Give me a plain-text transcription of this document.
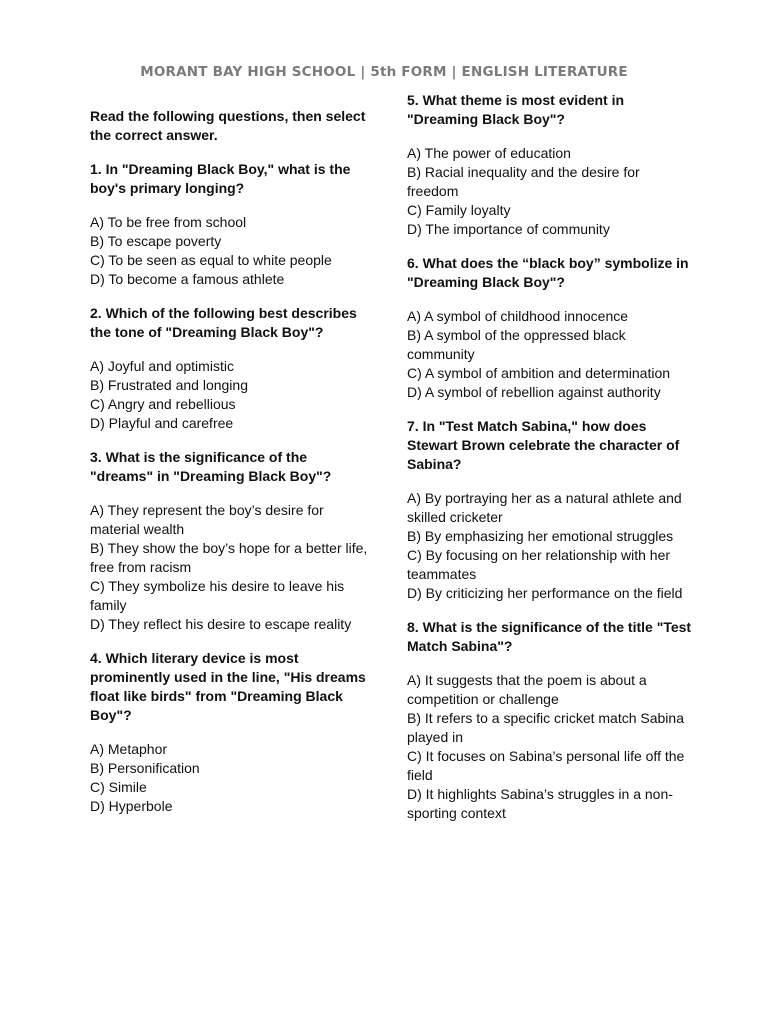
MORANT BAY HIGH SCHOOL | 5th FORM | ENGLISH LITERATURE

Read the following questions, then select the correct answer.

1. In "Dreaming Black Boy," what is the boy's primary longing?

A) To be free from school
B) To escape poverty
C) To be seen as equal to white people
D) To become a famous athlete

2. Which of the following best describes the tone of "Dreaming Black Boy"?

A) Joyful and optimistic
B) Frustrated and longing
C) Angry and rebellious
D) Playful and carefree

3. What is the significance of the "dreams" in "Dreaming Black Boy"?

A) They represent the boy’s desire for material wealth
B) They show the boy’s hope for a better life, free from racism
C) They symbolize his desire to leave his family
D) They reflect his desire to escape reality

4. Which literary device is most prominently used in the line, "His dreams float like birds" from "Dreaming Black Boy"?

A) Metaphor
B) Personification
C) Simile
D) Hyperbole

5. What theme is most evident in "Dreaming Black Boy"?

A) The power of education
B) Racial inequality and the desire for freedom
C) Family loyalty
D) The importance of community

6. What does the “black boy” symbolize in "Dreaming Black Boy"?

A) A symbol of childhood innocence
B) A symbol of the oppressed black community
C) A symbol of ambition and determination
D) A symbol of rebellion against authority

7. In "Test Match Sabina," how does Stewart Brown celebrate the character of Sabina?

A) By portraying her as a natural athlete and skilled cricketer
B) By emphasizing her emotional struggles
C) By focusing on her relationship with her teammates
D) By criticizing her performance on the field

8. What is the significance of the title "Test Match Sabina"?

A) It suggests that the poem is about a competition or challenge
B) It refers to a specific cricket match Sabina played in
C) It focuses on Sabina’s personal life off the field
D) It highlights Sabina’s struggles in a non-sporting context
